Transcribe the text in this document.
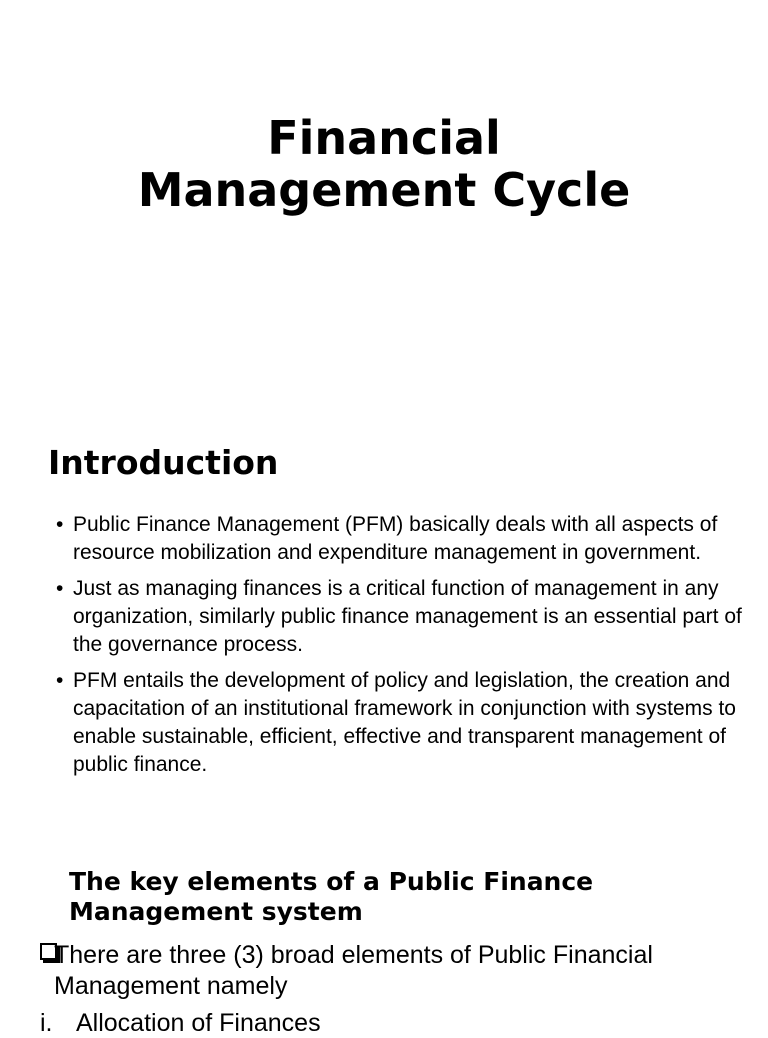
Financial
Management Cycle
Introduction
• Public Finance Management (PFM) basically deals with all aspects of resource mobilization and expenditure management in government.
• Just as managing finances is a critical function of management in any organization, similarly public finance management is an essential part of the governance process.
• PFM entails the development of policy and legislation, the creation and capacitation of an institutional framework in conjunction with systems to enable sustainable, efficient, effective and transparent management of public finance.
The key elements of a Public Finance Management system

There are three (3) broad elements of Public Financial Management namely

i. Allocation of Finances
